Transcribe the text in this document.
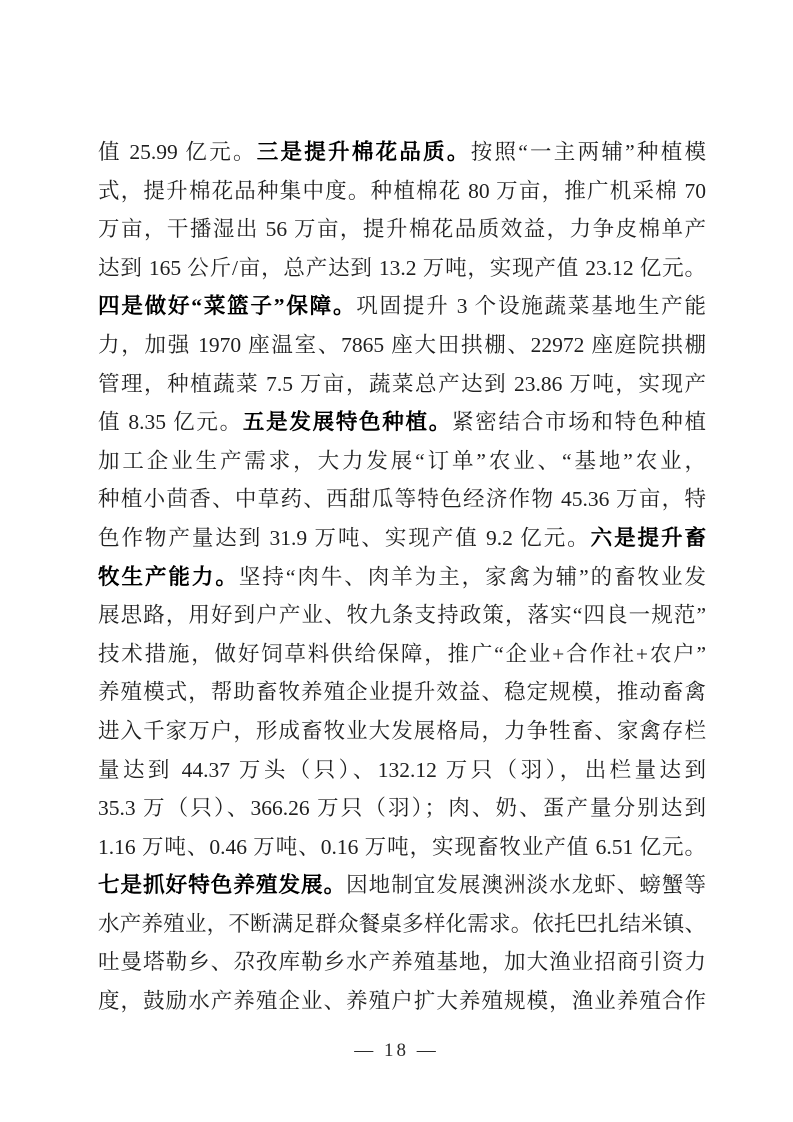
值 25.99 亿元。三是提升棉花品质。按照“一主两辅”种植模
式，提升棉花品种集中度。种植棉花 80 万亩，推广机采棉 70
万亩，干播湿出 56 万亩，提升棉花品质效益，力争皮棉单产
达到 165 公斤/亩，总产达到 13.2 万吨，实现产值 23.12 亿元。
四是做好“菜篮子”保障。巩固提升 3 个设施蔬菜基地生产能
力，加强 1970 座温室、7865 座大田拱棚、22972 座庭院拱棚
管理，种植蔬菜 7.5 万亩，蔬菜总产达到 23.86 万吨，实现产
值 8.35 亿元。五是发展特色种植。紧密结合市场和特色种植
加工企业生产需求，大力发展“订单”农业、“基地”农业，
种植小茴香、中草药、西甜瓜等特色经济作物 45.36 万亩，特
色作物产量达到 31.9 万吨、实现产值 9.2 亿元。六是提升畜
牧生产能力。坚持“肉牛、肉羊为主，家禽为辅”的畜牧业发
展思路，用好到户产业、牧九条支持政策，落实“四良一规范”
技术措施，做好饲草料供给保障，推广“企业+合作社+农户”
养殖模式，帮助畜牧养殖企业提升效益、稳定规模，推动畜禽
进入千家万户，形成畜牧业大发展格局，力争牲畜、家禽存栏
量达到 44.37 万头（只）、132.12 万只（羽），出栏量达到
35.3 万（只）、366.26 万只（羽）；肉、奶、蛋产量分别达到
1.16 万吨、0.46 万吨、0.16 万吨，实现畜牧业产值 6.51 亿元。
七是抓好特色养殖发展。因地制宜发展澳洲淡水龙虾、螃蟹等
水产养殖业，不断满足群众餐桌多样化需求。依托巴扎结米镇、
吐曼塔勒乡、尕孜库勒乡水产养殖基地，加大渔业招商引资力
度，鼓励水产养殖企业、养殖户扩大养殖规模，渔业养殖合作
— 18 —
